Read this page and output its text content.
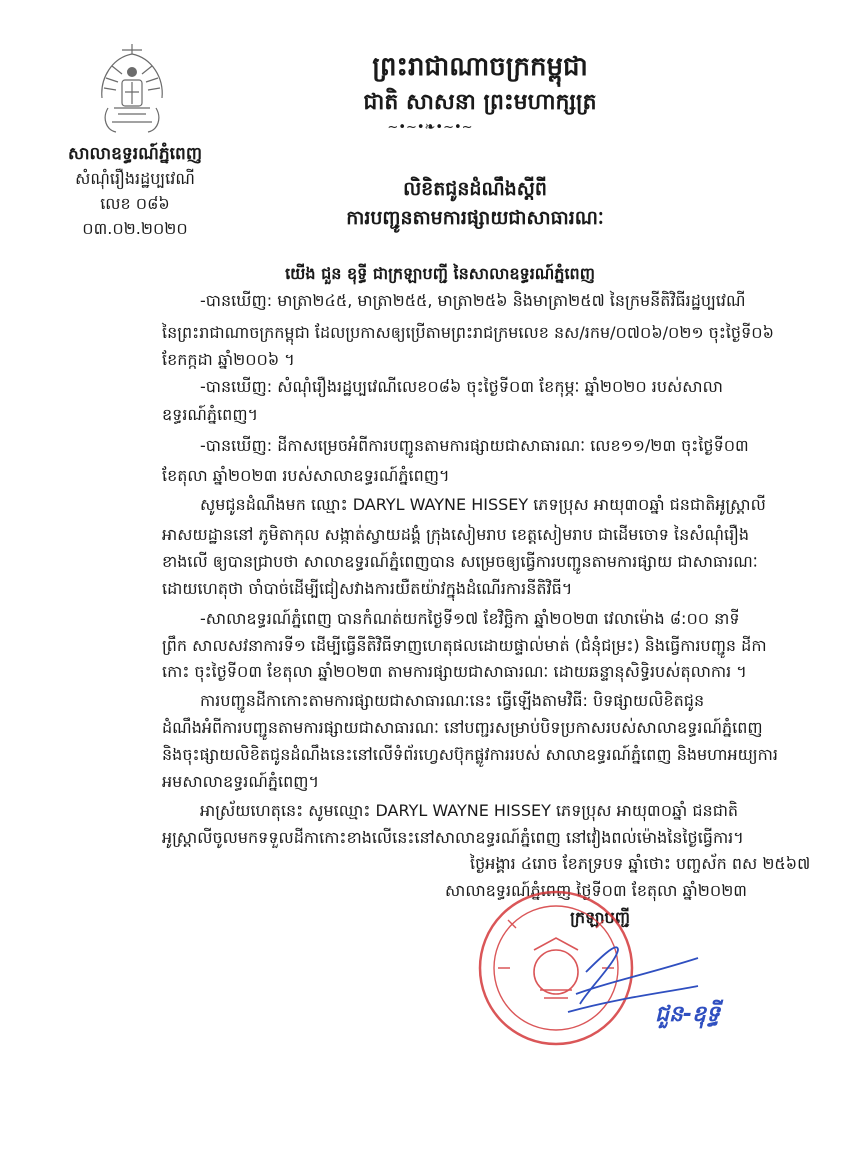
ព្រះរាជាណាចក្រកម្ពុជា
ជាតិ សាសនា ព្រះមហាក្សត្រ
~•~•❧•~•~
សាលាឧទ្ធរណ៍ភ្នំពេញ
សំណុំរឿងរដ្ឋប្បវេណី
លេខ ០៨៦
០៣.០២.២០២០
លិខិតជូនដំណឹងស្តីពី
ការបញ្ជូនតាមការផ្សាយជាសាធារណៈ
យើង ជួន ឧុទ្ធី ជាក្រឡាបញ្ជី នៃសាលាឧទ្ធរណ៍ភ្នំពេញ
-បានឃើញ: មាត្រា២៤៥, មាត្រា២៥៥, មាត្រា២៥៦ និងមាត្រា២៥៧ នៃក្រមនីតិវិធីរដ្ឋប្បវេណី
នៃព្រះរាជាណាចក្រកម្ពុជា ដែលប្រកាសឲ្យប្រើតាមព្រះរាជក្រមលេខ នស/រកម/០៧០៦/០២១ ចុះថ្ងៃទី០៦
ខែកក្កដា ឆ្នាំ២០០៦ ។
-បានឃើញ: សំណុំរឿងរដ្ឋប្បវេណីលេខ០៨៦ ចុះថ្ងៃទី០៣ ខែកុម្ភៈ ឆ្នាំ២០២០ របស់សាលា
ឧទ្ធរណ៍ភ្នំពេញ។
-បានឃើញ: ដីកាសម្រេចអំពីការបញ្ជូនតាមការផ្សាយជាសាធារណៈ លេខ១១/២៣ ចុះថ្ងៃទី០៣
ខែតុលា ឆ្នាំ២០២៣ របស់សាលាឧទ្ធរណ៍ភ្នំពេញ។
សូមជូនដំណឹងមក ឈ្មោះ DARYL WAYNE HISSEY ភេទប្រុស អាយុ៣០ឆ្នាំ ជនជាតិអូស្ត្រាលី
អាសយដ្ឋាននៅ ភូមិតាកុល សង្កាត់ស្វាយដង្គំ ក្រុងសៀមរាប ខេត្តសៀមរាប ជាដើមចោទ នៃសំណុំរឿង
ខាងលើ ឲ្យបានជ្រាបថា សាលាឧទ្ធរណ៍ភ្នំពេញបាន សម្រេចឲ្យធ្វើការបញ្ជូនតាមការផ្សាយ ជាសាធារណៈ
ដោយហេតុថា ចាំបាច់ដើម្បីជៀសវាងការយឺតយ៉ាវក្នុងដំណើរការនីតិវិធី។
-សាលាឧទ្ធរណ៍ភ្នំពេញ បានកំណត់យកថ្ងៃទី១៧ ខែវិច្ឆិកា ឆ្នាំ២០២៣ វេលាម៉ោង ៨:០០ នាទី
ព្រឹក សាលសវនាការទី១ ដើម្បីធ្វើនីតិវិធីទាញហេតុផលដោយផ្ទាល់មាត់ (ជំនុំជម្រះ) និងធ្វើការបញ្ជូន ដីកា
កោះ ចុះថ្ងៃទី០៣ ខែតុលា ឆ្នាំ២០២៣ តាមការផ្សាយជាសាធារណៈ ដោយឆន្ទានុសិទ្ធិរបស់តុលាការ ។
ការបញ្ជូនដីកាកោះតាមការផ្សាយជាសាធារណៈនេះ ធ្វើឡើងតាមវិធី: បិទផ្សាយលិខិតជូន
ដំណឹងអំពីការបញ្ជូនតាមការផ្សាយជាសាធារណៈ នៅបញ្ជរសម្រាប់បិទប្រកាសរបស់សាលាឧទ្ធរណ៍ភ្នំពេញ
និងចុះផ្សាយលិខិតជូនដំណឹងនេះនៅលើទំព័រហ្វេសប៊ុកផ្លូវការរបស់ សាលាឧទ្ធរណ៍ភ្នំពេញ និងមហាអយ្យការ
អមសាលាឧទ្ធរណ៍ភ្នំពេញ។
អាស្រ័យហេតុនេះ សូមឈ្មោះ DARYL WAYNE HISSEY ភេទប្រុស អាយុ៣០ឆ្នាំ ជនជាតិ
អូស្ត្រាលីចូលមកទទួលដីកាកោះខាងលើនេះនៅសាលាឧទ្ធរណ៍ភ្នំពេញ នៅវៀងពល់ម៉ោងនៃថ្ងៃធ្វើការ។
ថ្ងៃអង្គារ ៤រោច ខែភទ្របទ ឆ្នាំថោះ បញ្ចស័ក ពស ២៥៦៧
សាលាឧទ្ធរណ៍ភ្នំពេញ ថ្ងៃទី០៣ ខែតុលា ឆ្នាំ២០២៣
ក្រឡាបញ្ជី
ជួន-ឧុទ្ធី
